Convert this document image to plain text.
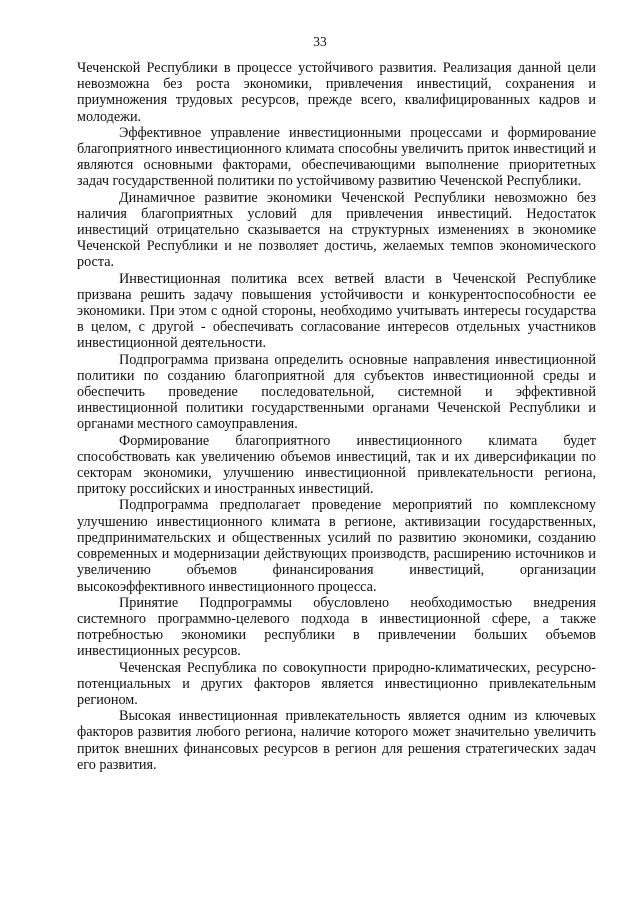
33

Чеченской Республики в процессе устойчивого развития. Реализация данной цели невозможна без роста экономики, привлечения инвестиций, сохранения и приумножения трудовых ресурсов, прежде всего, квалифицированных кадров и молодежи.

Эффективное управление инвестиционными процессами и формирование благоприятного инвестиционного климата способны увеличить приток инвестиций и являются основными факторами, обеспечивающими выполнение приоритетных задач государственной политики по устойчивому развитию Чеченской Республики.

Динамичное развитие экономики Чеченской Республики невозможно без наличия благоприятных условий для привлечения инвестиций. Недостаток инвестиций отрицательно сказывается на структурных изменениях в экономике Чеченской Республики и не позволяет достичь, желаемых темпов экономического роста.

Инвестиционная политика всех ветвей власти в Чеченской Республике призвана решить задачу повышения устойчивости и конкурентоспособности ее экономики. При этом с одной стороны, необходимо учитывать интересы государства в целом, с другой - обеспечивать согласование интересов отдельных участников инвестиционной деятельности.

Подпрограмма призвана определить основные направления инвестиционной политики по созданию благоприятной для субъектов инвестиционной среды и обеспечить проведение последовательной, системной и эффективной инвестиционной политики государственными органами Чеченской Республики и органами местного самоуправления.

Формирование благоприятного инвестиционного климата будет способствовать как увеличению объемов инвестиций, так и их диверсификации по секторам экономики, улучшению инвестиционной привлекательности региона, притоку российских и иностранных инвестиций.

Подпрограмма предполагает проведение мероприятий по комплексному улучшению инвестиционного климата в регионе, активизации государственных, предпринимательских и общественных усилий по развитию экономики, созданию современных и модернизации действующих производств, расширению источников и увеличению объемов финансирования инвестиций, организации высокоэффективного инвестиционного процесса.

Принятие Подпрограммы обусловлено необходимостью внедрения системного программно-целевого подхода в инвестиционной сфере, а также потребностью экономики республики в привлечении больших объемов инвестиционных ресурсов.

Чеченская Республика по совокупности природно-климатических, ресурсно-потенциальных и других факторов является инвестиционно привлекательным регионом.

Высокая инвестиционная привлекательность является одним из ключевых факторов развития любого региона, наличие которого может значительно увеличить приток внешних финансовых ресурсов в регион для решения стратегических задач его развития.
